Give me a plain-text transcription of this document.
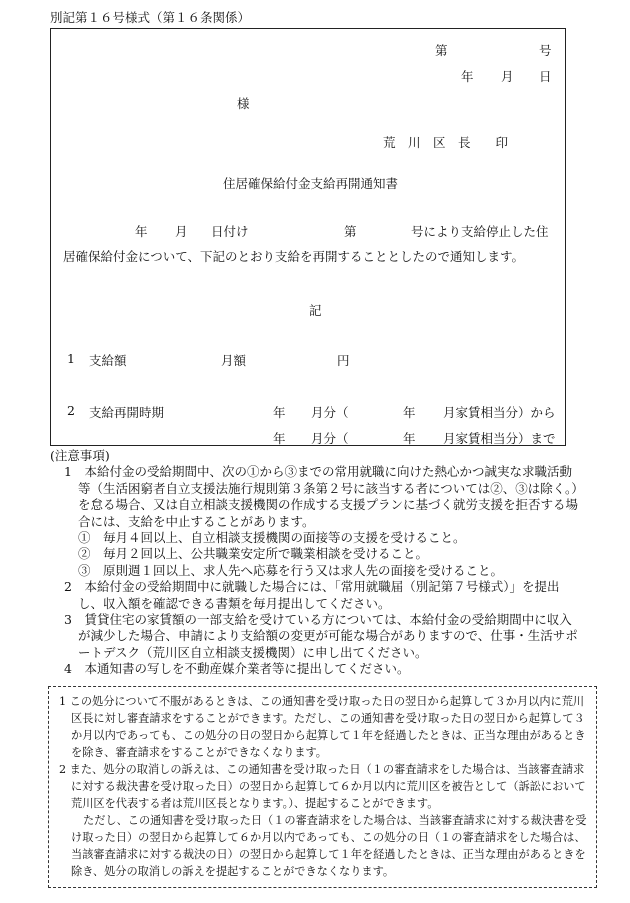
別記第１６号様式（第１６条関係）
第	号
年 月 日
様
荒　川　区　長　　印
住居確保給付金支給再開通知書
年 月 日付け	第	号により支給停止した住
居確保給付金について、下記のとおり支給を再開することとしたので通知します。
記
1 支給額	月額	円
2 支給再開時期	年 月分（	年 月家賃相当分）から
年 月分（	年 月家賃相当分）まで
(注意事項)
1　本給付金の受給期間中、次の①から③までの常用就職に向けた熱心かつ誠実な求職活動等（生活困窮者自立支援法施行規則第３条第２号に該当する者については②、③は除く。）を怠る場合、又は自立相談支援機関の作成する支援プランに基づく就労支援を拒否する場合には、支給を中止することがあります。
①　毎月４回以上、自立相談支援機関の面接等の支援を受けること。
②　毎月２回以上、公共職業安定所で職業相談を受けること。
③　原則週１回以上、求人先へ応募を行う又は求人先の面接を受けること。
2　本給付金の受給期間中に就職した場合には、「常用就職届（別記第７号様式）」を提出し、収入額を確認できる書類を毎月提出してください。
3　賃貸住宅の家賃額の一部支給を受けている方については、本給付金の受給期間中に収入が減少した場合、申請により支給額の変更が可能な場合がありますので、仕事・生活サポートデスク（荒川区自立相談支援機関）に申し出てください。
4　本通知書の写しを不動産媒介業者等に提出してください。
1 この処分について不服があるときは、この通知書を受け取った日の翌日から起算して３か月以内に荒川区長に対し審査請求をすることができます。ただし、この通知書を受け取った日の翌日から起算して３か月以内であっても、この処分の日の翌日から起算して１年を経過したときは、正当な理由があるときを除き、審査請求をすることができなくなります。
2 また、処分の取消しの訴えは、この通知書を受け取った日（１の審査請求をした場合は、当該審査請求に対する裁決書を受け取った日）の翌日から起算して６か月以内に荒川区を被告として（訴訟において荒川区を代表する者は荒川区長となります。）、提起することができます。
ただし、この通知書を受け取った日（１の審査請求をした場合は、当該審査請求に対する裁決書を受け取った日）の翌日から起算して６か月以内であっても、この処分の日（１の審査請求をした場合は、当該審査請求に対する裁決の日）の翌日から起算して１年を経過したときは、正当な理由があるときを除き、処分の取消しの訴えを提起することができなくなります。
